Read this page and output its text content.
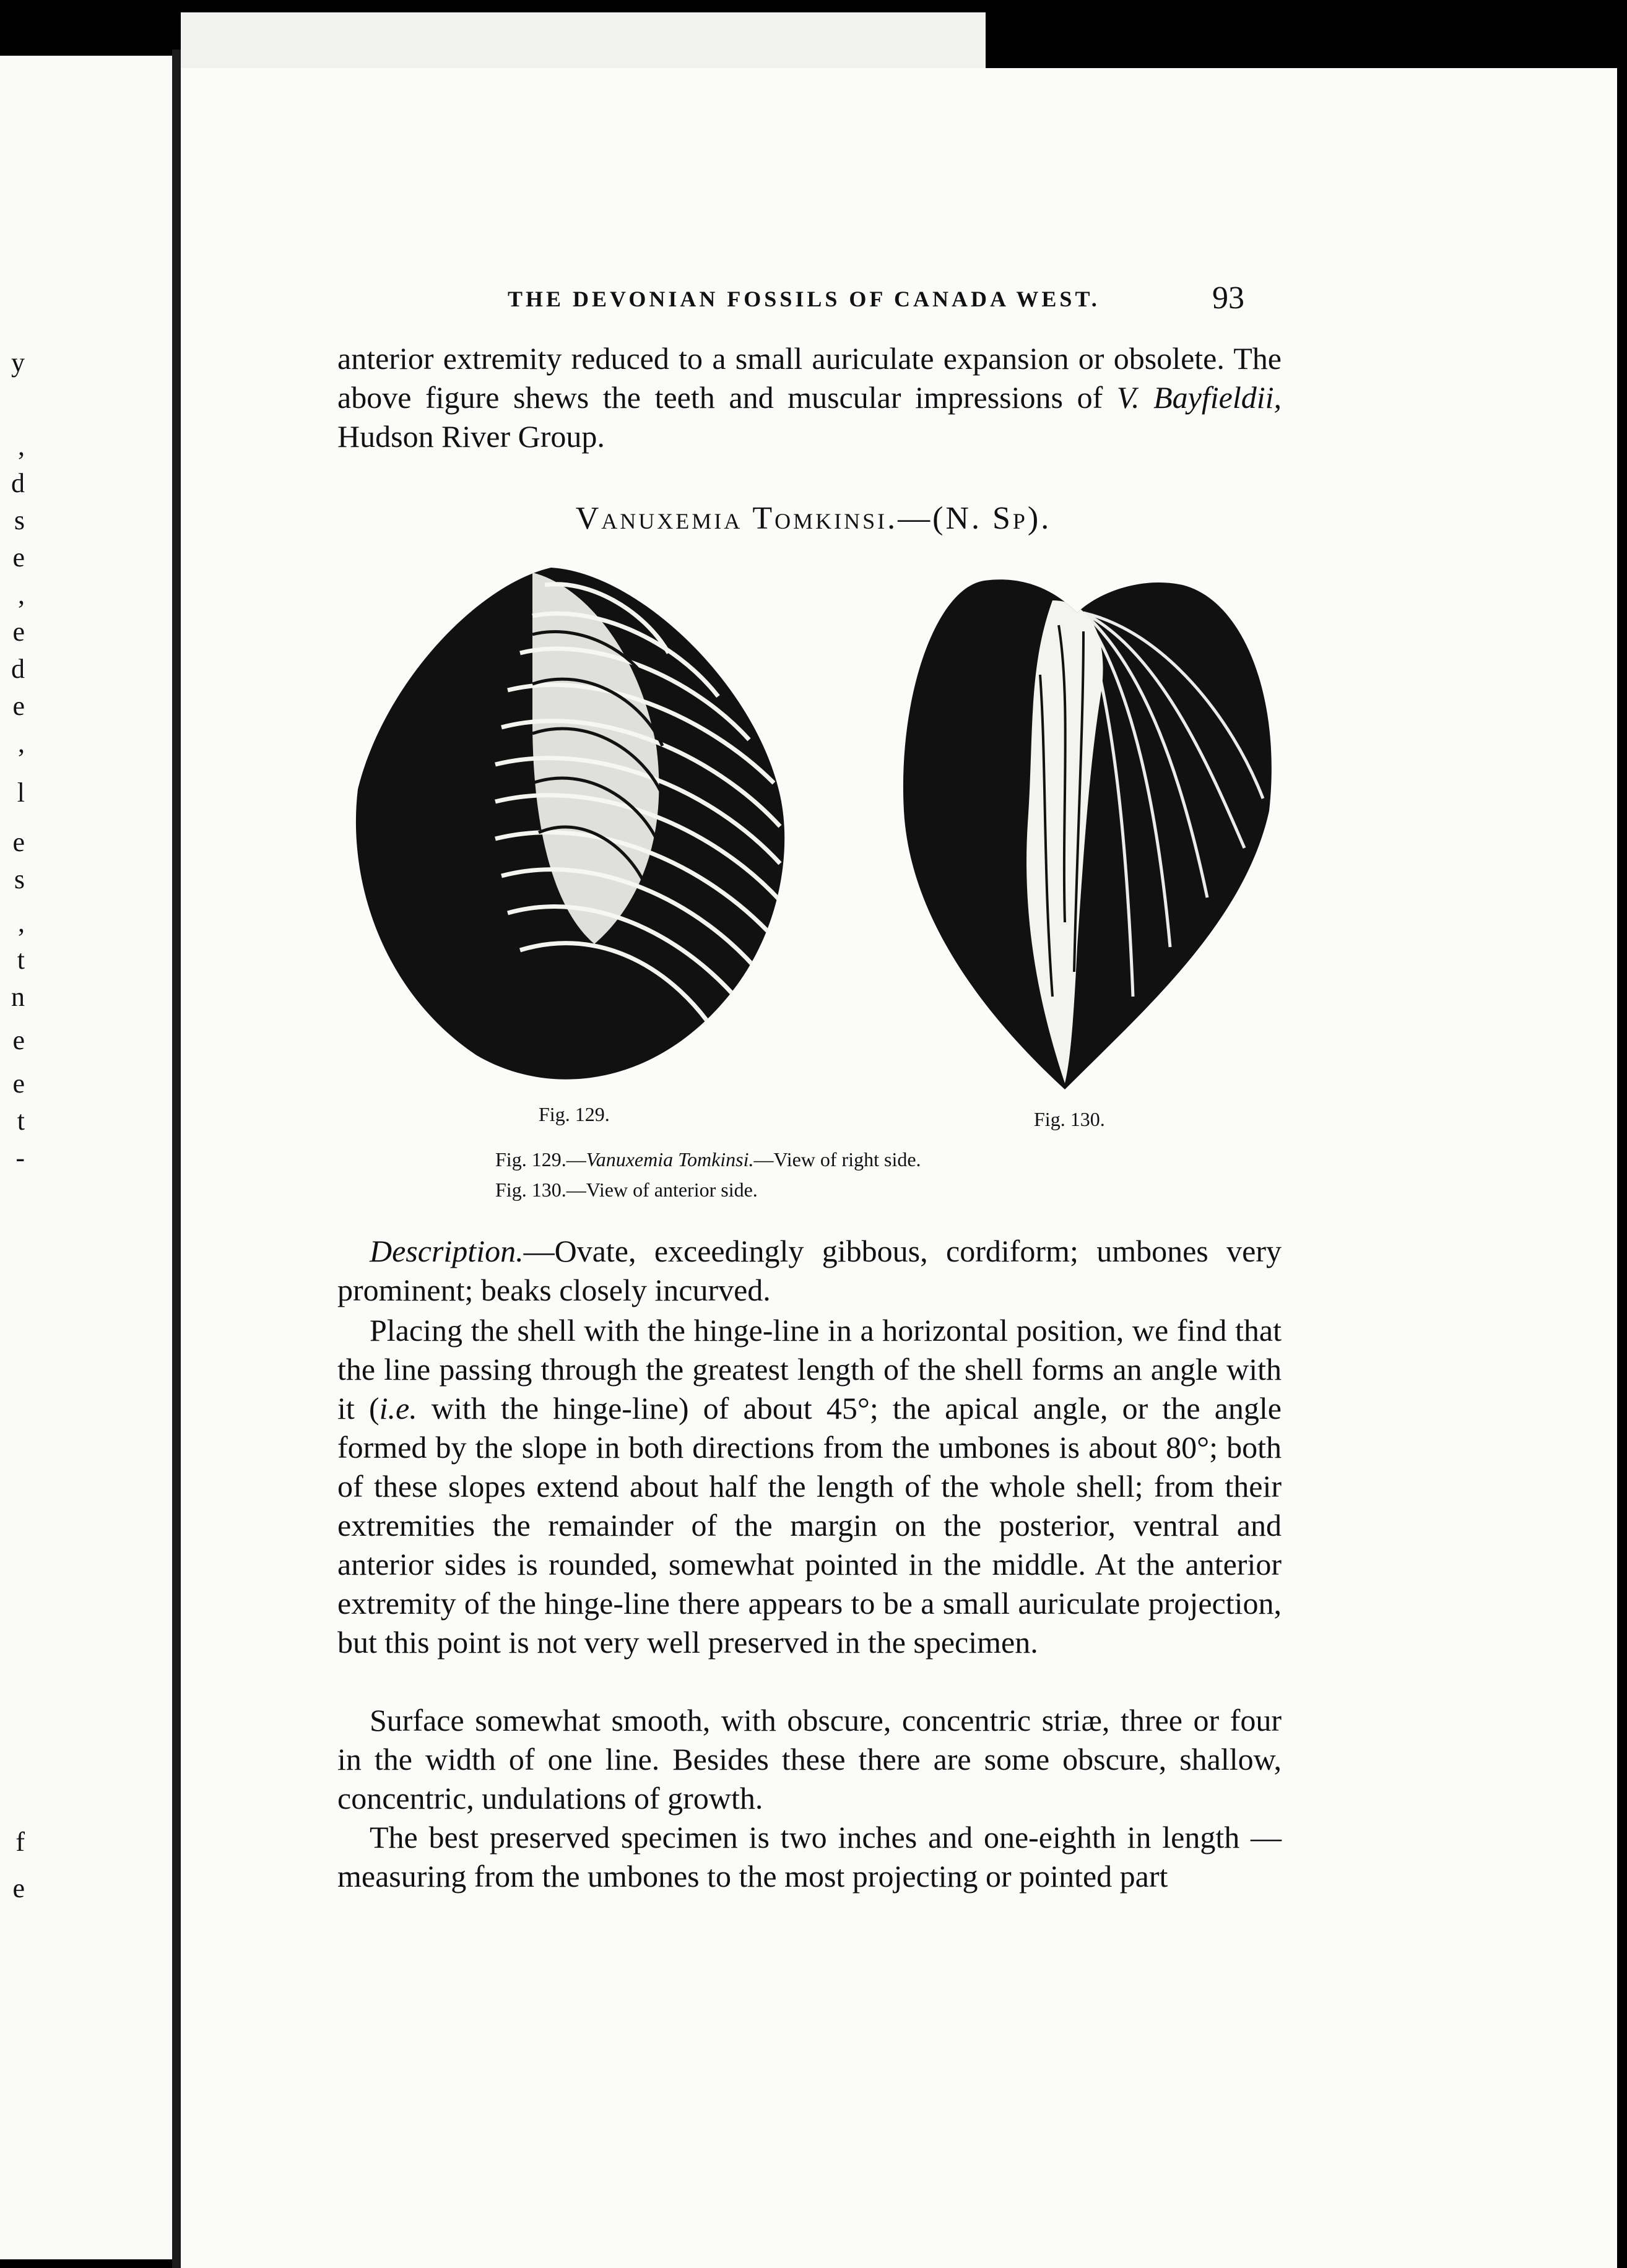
y
,
d
s
e
,
e
d
e
,
l
e
s
,
t
n
e
e
t
-
f
e
THE DEVONIAN FOSSILS OF CANADA WEST.	93

anterior extremity reduced to a small auriculate expansion or obsolete. The above figure shews the teeth and muscular impressions of V. Bayfieldii, Hudson River Group.

Vanuxemia Tomkinsi.—(N. Sp).
Fig. 129.	Fig. 130.
Fig. 129.—Vanuxemia Tomkinsi.—View of right side.
Fig. 130.—View of anterior side.

Description.—Ovate, exceedingly gibbous, cordiform; umbones very prominent; beaks closely incurved.

Placing the shell with the hinge-line in a horizontal position, we find that the line passing through the greatest length of the shell forms an angle with it (i.e. with the hinge-line) of about 45°; the apical angle, or the angle formed by the slope in both directions from the umbones is about 80°; both of these slopes extend about half the length of the whole shell; from their extremities the remainder of the margin on the posterior, ventral and anterior sides is rounded, somewhat pointed in the middle. At the anterior extremity of the hinge-line there appears to be a small auriculate projection, but this point is not very well preserved in the specimen.

Surface somewhat smooth, with obscure, concentric striæ, three or four in the width of one line. Besides these there are some obscure, shallow, concentric, undulations of growth.

The best preserved specimen is two inches and one-eighth in length —measuring from the umbones to the most projecting or pointed part
